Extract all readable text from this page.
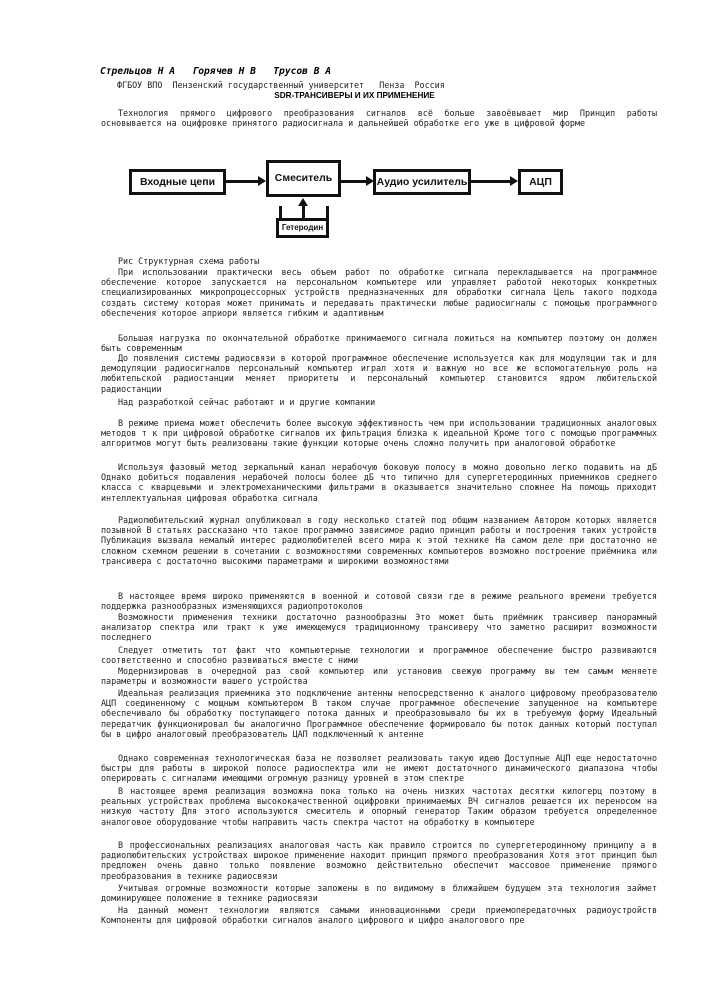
Стрельцов Н А   Горячев Н В   Трусов В А
ФГБОУ ВПО  Пензенский государственный университет   Пенза  Россия
SDR-ТРАНСИВЕРЫ И ИХ ПРИМЕНЕНИЕ

Технология прямого цифрового преобразования сигналов всё больше завоёвывает мир Принцип работы основывается на оцифровке принятого радиосигнала и дальнейшей обработке его уже в цифровой форме

Входные цепи	Смеситель	Аудио усилитель	АЦП
Гетеродин
Рис Структурная схема работы

При использовании практически весь объем работ по обработке сигнала перекладывается на программное обеспечение которое запускается на персональном компьютере или управляет работой некоторых конкретных специализированных микропроцессорных устройств предназначенных для обработки сигнала Цель такого подхода создать систему которая может принимать и передавать практически любые радиосигналы с помощью программного обеспечения которое априори является гибким и адаптивным

Большая нагрузка по окончательной обработке принимаемого сигнала ложиться на компьютер поэтому он должен быть современным

До появления системы радиосвязи в которой программное обеспечение используется как для модуляции так и для демодуляции радиосигналов персональный компьютер играл хотя и важную но все же вспомогательную роль на любительской радиостанции меняет приоритеты и персональный компьютер становится ядром любительской радиостанции

Над разработкой сейчас работают и и другие компании

В режиме приема может обеспечить более высокую эффективность чем при использовании традиционных аналоговых методов т к при цифровой обработке сигналов их фильтрация близка к идеальной Кроме того с помощью программных алгоритмов могут быть реализованы такие функции которые очень сложно получить при аналоговой обработке

Используя фазовый метод зеркальный канал нерабочую боковую полосу в можно довольно легко подавить на дБ Однако добиться подавления нерабочей полосы более дБ что типично для супергетеродинных приемников среднего класса с кварцевыми и электромеханическими фильтрами в оказывается значительно сложнее На помощь приходит интеллектуальная цифровая обработка сигнала

Радиолюбительский журнал опубликовал в году несколько статей под общим названием Автором которых является позывной В статьях рассказано что такое программно зависимое радио принцип работы и построения таких устройств Публикация вызвала немалый интерес радиолюбителей всего мира к этой технике На самом деле при достаточно не сложном схемном решении в сочетании с возможностями современных компьютеров возможно построение приёмника или трансивера с достаточно высокими параметрами и широкими возможностями

В настоящее время широко применяются в военной и сотовой связи где в режиме реального времени требуется поддержка разнообразных изменяющихся радиопротоколов

Возможности применения техники достаточно разнообразны Это может быть приёмник трансивер панорамный анализатор спектра или тракт к уже имеющемуся традиционному трансиверу что заметно расширит возможности последнего

Следует отметить тот факт что компьютерные технологии и программное обеспечение быстро развиваются соответственно и способно развиваться вместе с ними

Модернизировав в очередной раз свой компьютер или установив свежую программу вы тем самым меняете параметры и возможности вашего устройства

Идеальная реализация приемника это подключение антенны непосредственно к аналого цифровому преобразователю АЦП соединенному с мощным компьютером В таком случае программное обеспечение запущенное на компьютере обеспечивало бы обработку поступающего потока данных и преобразовывало бы их в требуемую форму Идеальный передатчик функционировал бы аналогично Программное обеспечение формировало бы поток данных который поступал бы в цифро аналоговый преобразователь ЦАП подключенный к антенне

Однако современная технологическая база не позволяет реализовать такую идею Доступные АЦП еще недостаточно быстры для работы в широкой полосе радиоспектра или не имеют достаточного динамического диапазона чтобы оперировать с сигналами имеющими огромную разницу уровней в этом спектре

В настоящее время реализация возможна пока только на очень низких частотах десятки килогерц поэтому в реальных устройствах проблема высококачественной оцифровки принимаемых ВЧ сигналов решается их переносом на низкую частоту Для этого используются смеситель и опорный генератор Таким образом требуется определенное аналоговое оборудование чтобы направить часть спектра частот на обработку в компьютере

В профессиональных реализациях аналоговая часть как правило строится по супергетеродинному принципу а в радиолюбительских устройствах широкое применение находит принцип прямого преобразования Хотя этот принцип был предложен очень давно только появление возможно действительно обеспечит массовое применение прямого преобразования в технике радиосвязи

Учитывая огромные возможности которые заложены в по видимому в ближайшем будущем эта технология займет доминирующее положение в технике радиосвязи

На данный момент технологии являются самыми инновационными среди приемопередаточных радиоустройств Компоненты для цифровой обработки сигналов аналого цифрового и цифро аналогового пре
